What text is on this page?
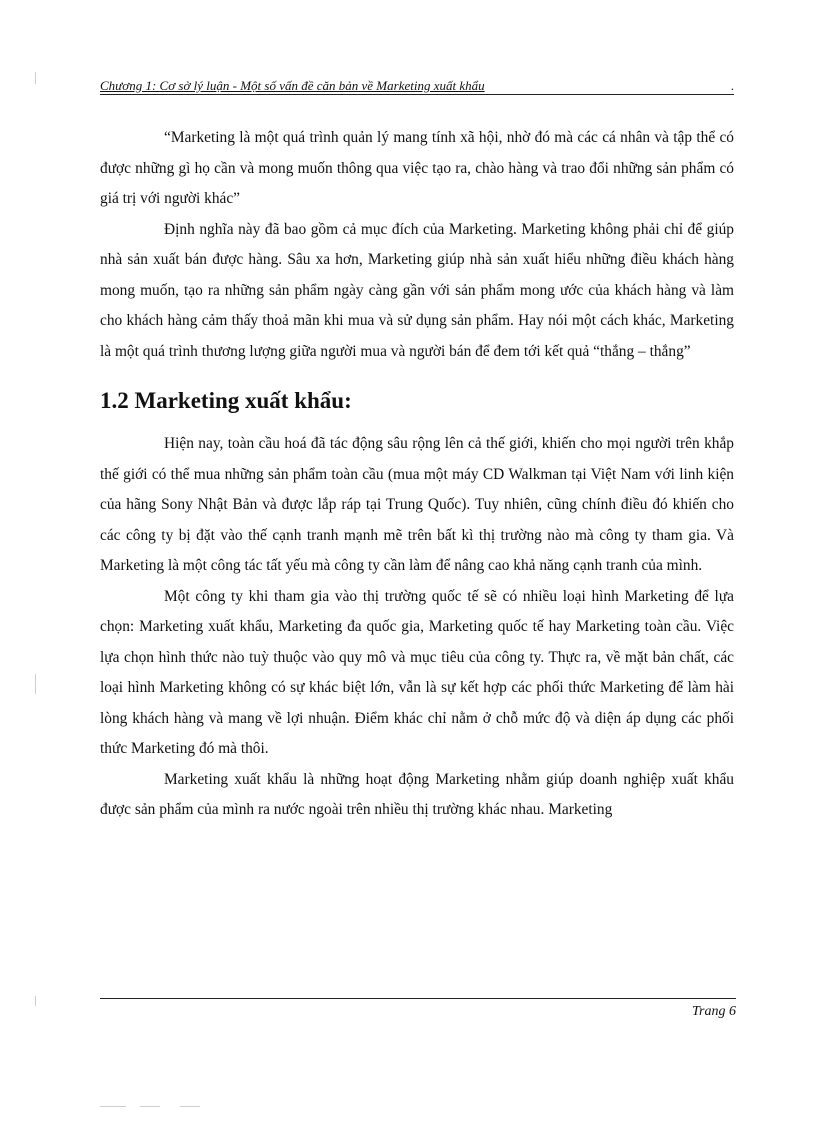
Chương 1: Cơ sở lý luận - Một số vấn đề căn bản về Marketing xuất khẩu	.

“Marketing là một quá trình quản lý mang tính xã hội, nhờ đó mà các cá nhân và tập thể có được những gì họ cần và mong muốn thông qua việc tạo ra, chào hàng và trao đổi những sản phẩm có giá trị với người khác”

Định nghĩa này đã bao gồm cả mục đích của Marketing. Marketing không phải chỉ để giúp nhà sản xuất bán được hàng. Sâu xa hơn, Marketing giúp nhà sản xuất hiểu những điều khách hàng mong muốn, tạo ra những sản phẩm ngày càng gần với sản phẩm mong ước của khách hàng và làm cho khách hàng cảm thấy thoả mãn khi mua và sử dụng sản phẩm. Hay nói một cách khác, Marketing là một quá trình thương lượng giữa người mua và người bán để đem tới kết quả “thắng – thắng”

1.2 Marketing xuất khẩu:

Hiện nay, toàn cầu hoá đã tác động sâu rộng lên cả thế giới, khiến cho mọi người trên khắp thế giới có thể mua những sản phẩm toàn cầu (mua một máy CD Walkman tại Việt Nam với linh kiện của hãng Sony Nhật Bản và được lắp ráp tại Trung Quốc). Tuy nhiên, cũng chính điều đó khiến cho các công ty bị đặt vào thế cạnh tranh mạnh mẽ trên bất kì thị trường nào mà công ty tham gia. Và Marketing là một công tác tất yếu mà công ty cần làm để nâng cao khả năng cạnh tranh của mình.

Một công ty khi tham gia vào thị trường quốc tế sẽ có nhiều loại hình Marketing để lựa chọn: Marketing xuất khẩu, Marketing đa quốc gia, Marketing quốc tế hay Marketing toàn cầu. Việc lựa chọn hình thức nào tuỳ thuộc vào quy mô và mục tiêu của công ty. Thực ra, về mặt bản chất, các loại hình Marketing không có sự khác biệt lớn, vẫn là sự kết hợp các phối thức Marketing để làm hài lòng khách hàng và mang về lợi nhuận. Điểm khác chỉ nằm ở chỗ mức độ và diện áp dụng các phối thức Marketing đó mà thôi.

Marketing xuất khẩu là những hoạt động Marketing nhằm giúp doanh nghiệp xuất khẩu được sản phẩm của mình ra nước ngoài trên nhiều thị trường khác nhau. Marketing

Trang 6
